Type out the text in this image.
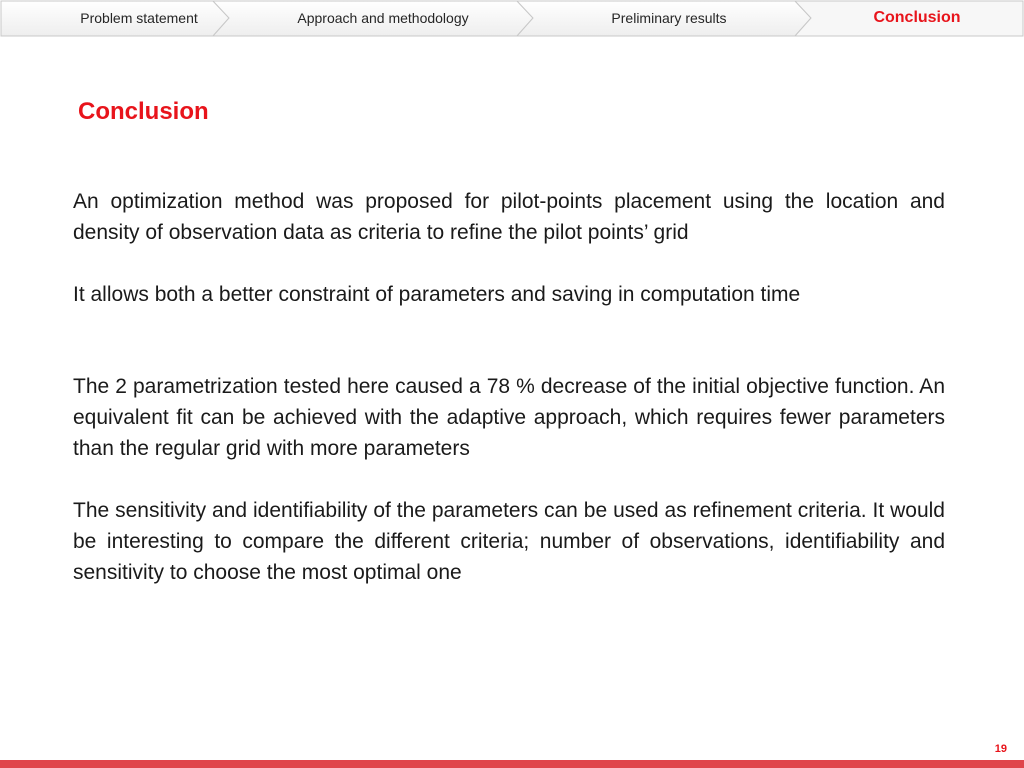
Problem statement	Approach and methodology	Preliminary results	Conclusion
Conclusion

An optimization method was proposed for pilot-points placement using the location and density of observation data as criteria to refine the pilot points’ grid

It allows both a better constraint of parameters and saving in computation time

The 2 parametrization tested here caused a 78 % decrease of the initial objective function. An equivalent fit can be achieved with the adaptive approach, which requires fewer parameters than the regular grid with more parameters

The sensitivity and identifiability of the parameters can be used as refinement criteria. It would be interesting to compare the different criteria; number of observations, identifiability and sensitivity to choose the most optimal one

19
